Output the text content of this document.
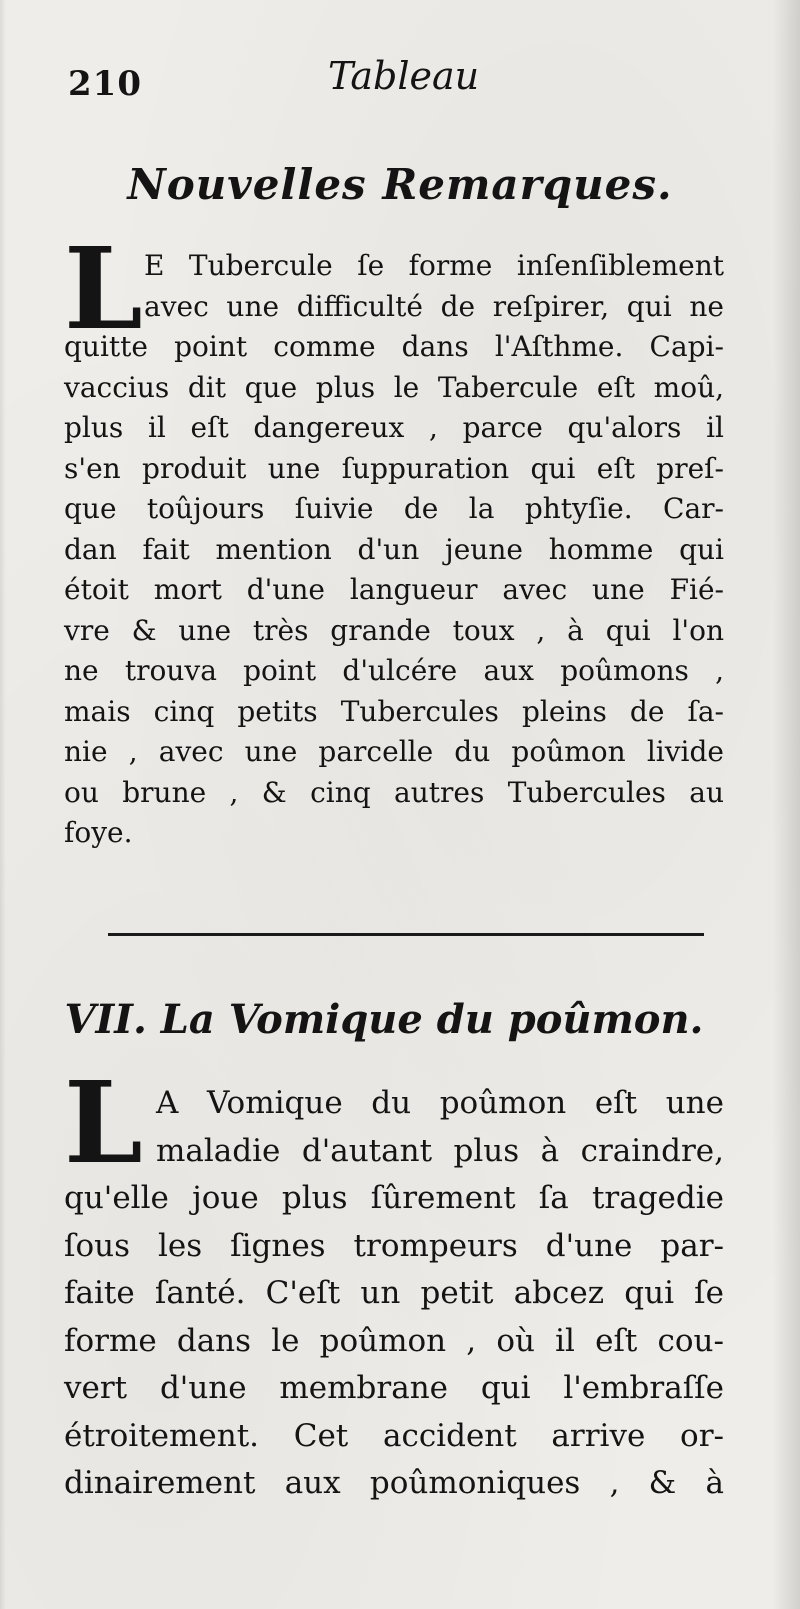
210	Tableau
Nouvelles Remarques.
L E Tubercule ſe forme inſenſiblement
avec une difficulté de reſpirer, qui ne
quitte point comme dans l'Aſthme. Capi-
vaccius dit que plus le Tabercule eſt moû,
plus il eſt dangereux , parce qu'alors il
s'en produit une ſuppuration qui eſt preſ-
que toûjours ſuivie de la phtyſie. Car-
dan fait mention d'un jeune homme qui
étoit mort d'une langueur avec une Fié-
vre & une très grande toux , à qui l'on
ne trouva point d'ulcére aux poûmons ,
mais cinq petits Tubercules pleins de ſa-
nie , avec une parcelle du poûmon livide
ou brune , & cinq autres Tubercules au
foye.
VII. La Vomique du poûmon.
L A Vomique du poûmon eſt une
maladie d'autant plus à craindre,
qu'elle joue plus ſûrement ſa tragedie
ſous les ſignes trompeurs d'une par-
faite ſanté. C'eſt un petit abcez qui ſe
forme dans le poûmon , où il eſt cou-
vert d'une membrane qui l'embraſſe
étroitement. Cet accident arrive or-
dinairement aux poûmoniques , & à
